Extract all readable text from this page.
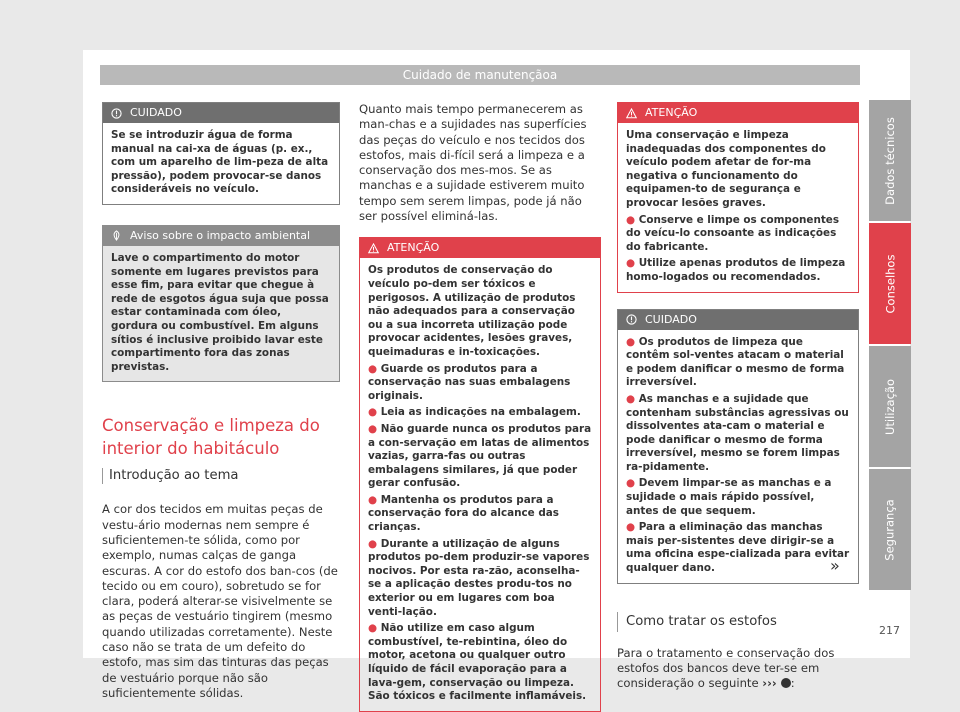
Cuidado de manutençãoa
CUIDADO

Se se introduzir água de forma manual na cai-xa de águas (p. ex., com um aparelho de lim-peza de alta pressão), podem provocar-se danos consideráveis no veículo.

Aviso sobre o impacto ambiental

Lave o compartimento do motor somente em lugares previstos para esse fim, para evitar que chegue à rede de esgotos água suja que possa estar contaminada com óleo, gordura ou combustível. Em alguns sítios é inclusive proibido lavar este compartimento fora das zonas previstas.

Conservação e limpeza do

interior do habitáculo

Introdução ao tema

A cor dos tecidos em muitas peças de vestu-ário modernas nem sempre é suficientemen-te sólida, como por exemplo, numas calças de ganga escuras. A cor do estofo dos ban-cos (de tecido ou em couro), sobretudo se for clara, poderá alterar-se visivelmente se as peças de vestuário tingirem (mesmo quando utilizadas corretamente). Neste caso não se trata de um defeito do estofo, mas sim das tinturas das peças de vestuário porque não são suficientemente sólidas.

Quanto mais tempo permanecerem as man-chas e a sujidades nas superfícies das peças do veículo e nos tecidos dos estofos, mais di-fícil será a limpeza e a conservação dos mes-mos. Se as manchas e a sujidade estiverem muito tempo sem serem limpas, pode já não ser possível eliminá-las.

ATENÇÃO

Os produtos de conservação do veículo po-dem ser tóxicos e perigosos. A utilização de produtos não adequados para a conservação ou a sua incorreta utilização pode provocar acidentes, lesões graves, queimaduras e in-toxicações.

● Guarde os produtos para a conservação nas suas embalagens originais.

● Leia as indicações na embalagem.

● Não guarde nunca os produtos para a con-servação em latas de alimentos vazias, garra-fas ou outras embalagens similares, já que poder gerar confusão.

● Mantenha os produtos para a conservação fora do alcance das crianças.

● Durante a utilização de alguns produtos po-dem produzir-se vapores nocivos. Por esta ra-zão, aconselha-se a aplicação destes produ-tos no exterior ou em lugares com boa venti-lação.

● Não utilize em caso algum combustível, te-rebintina, óleo do motor, acetona ou qualquer outro líquido de fácil evaporação para a lava-gem, conservação ou limpeza. São tóxicos e facilmente inflamáveis.

ATENÇÃO

Uma conservação e limpeza inadequadas dos componentes do veículo podem afetar de for-ma negativa o funcionamento do equipamen-to de segurança e provocar lesões graves.

● Conserve e limpe os componentes do veícu-lo consoante as indicações do fabricante.

● Utilize apenas produtos de limpeza homo-logados ou recomendados.

CUIDADO

● Os produtos de limpeza que contêm sol-ventes atacam o material e podem danificar o mesmo de forma irreversível.

● As manchas e a sujidade que contenham substâncias agressivas ou dissolventes ata-cam o material e pode danificar o mesmo de forma irreversível, mesmo se forem limpas ra-pidamente.

● Devem limpar-se as manchas e a sujidade o mais rápido possível, antes de que sequem.

● Para a eliminação das manchas mais per-sistentes deve dirigir-se a uma oficina espe-cializada para evitar qualquer dano.

Como tratar os estofos

Para o tratamento e conservação dos estofos dos bancos deve ter-se em consideração o seguinte ››› :

»
Dados técnicos
Conselhos
Utilização
Segurança
217
